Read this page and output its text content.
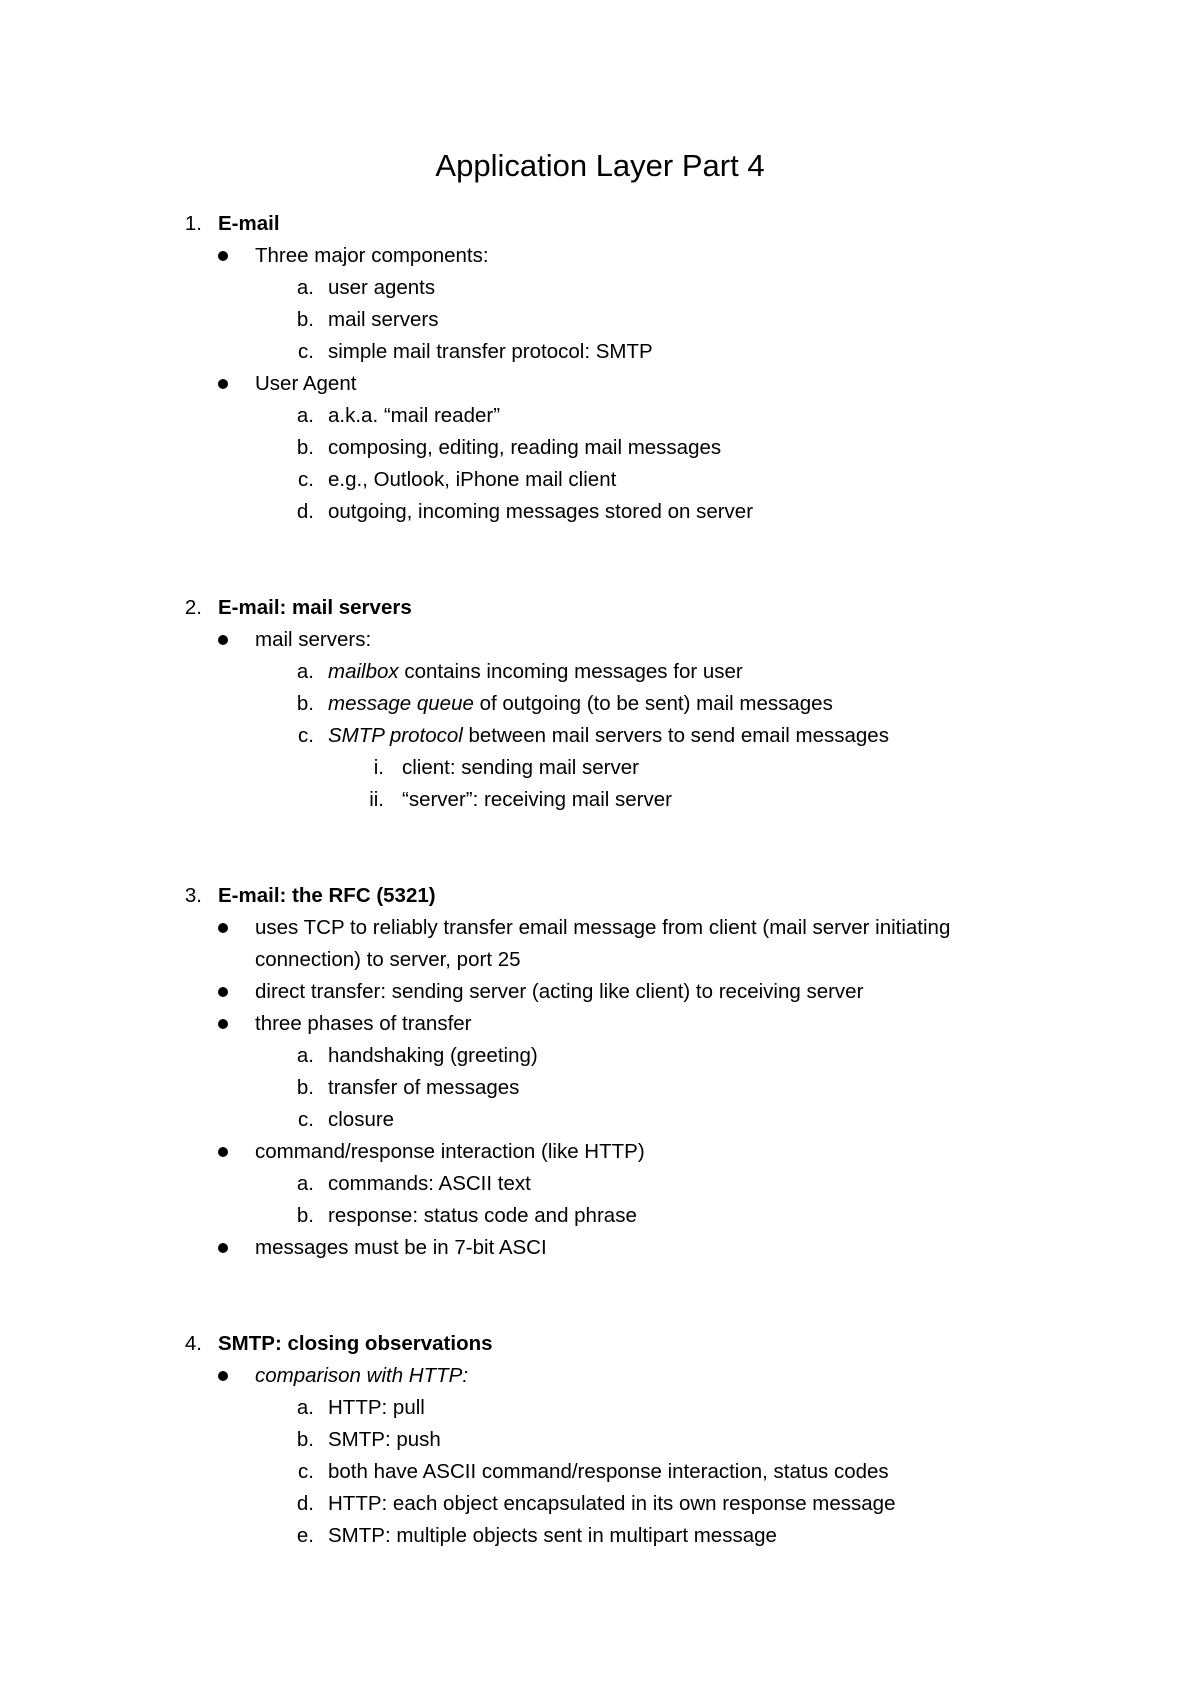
Application Layer Part 4
1. E-mail
Three major components:
a. user agents
b. mail servers
c. simple mail transfer protocol: SMTP
User Agent
a. a.k.a. “mail reader”
b. composing, editing, reading mail messages
c. e.g., Outlook, iPhone mail client
d. outgoing, incoming messages stored on server
2. E-mail: mail servers
mail servers:
a. mailbox contains incoming messages for user
b. message queue of outgoing (to be sent) mail messages
c. SMTP protocol between mail servers to send email messages
i. client: sending mail server
ii. “server”: receiving mail server
3. E-mail: the RFC (5321)
uses TCP to reliably transfer email message from client (mail server initiating
connection) to server, port 25
direct transfer: sending server (acting like client) to receiving server
three phases of transfer
a. handshaking (greeting)
b. transfer of messages
c. closure
command/response interaction (like HTTP)
a. commands: ASCII text
b. response: status code and phrase
messages must be in 7-bit ASCI
4. SMTP: closing observations
comparison with HTTP:
a. HTTP: pull
b. SMTP: push
c. both have ASCII command/response interaction, status codes
d. HTTP: each object encapsulated in its own response message
e. SMTP: multiple objects sent in multipart message
